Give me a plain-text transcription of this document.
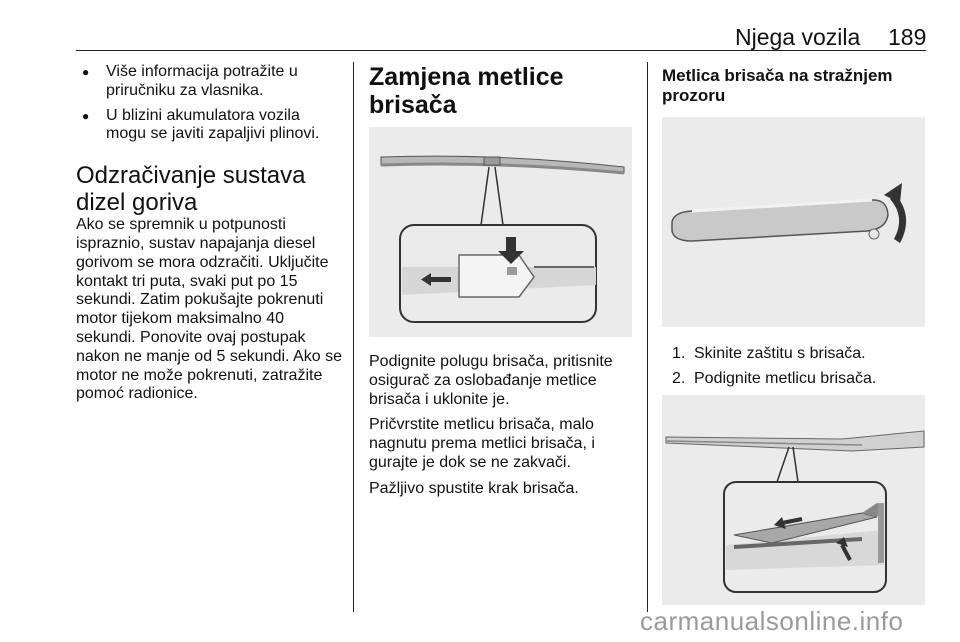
Njega vozila 189
● Više informacija potražite u priručniku za vlasnika.
● U blizini akumulatora vozila mogu se javiti zapaljivi plinovi.
Odzračivanje sustava dizel goriva

Ako se spremnik u potpunosti ispraznio, sustav napajanja diesel gorivom se mora odzračiti. Uključite kontakt tri puta, svaki put po 15 sekundi. Zatim pokušajte pokrenuti motor tijekom maksimalno 40 sekundi. Ponovite ovaj postupak nakon ne manje od 5 sekundi. Ako se motor ne može pokrenuti, zatražite pomoć radionice.

Zamjena metlice brisača

Podignite polugu brisača, pritisnite osigurač za oslobađanje metlice brisača i uklonite je.

Pričvrstite metlicu brisača, malo nagnutu prema metlici brisača, i gurajte je dok se ne zakvači.

Pažljivo spustite krak brisača.

Metlica brisača na stražnjem prozoru
1. Skinite zaštitu s brisača.
2. Podignite metlicu brisača.
carmanualsonline.info
